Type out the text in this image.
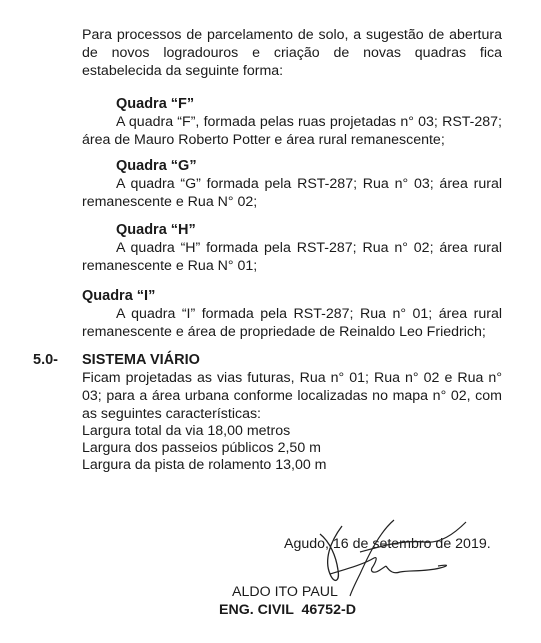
Para processos de parcelamento de solo, a sugestão de abertura
de novos logradouros e criação de novas quadras fica
estabelecida da seguinte forma:
Quadra “F”
A quadra “F”, formada pelas ruas projetadas n° 03; RST-287;
área de Mauro Roberto Potter e área rural remanescente;
Quadra “G”
A quadra “G” formada pela RST-287; Rua n° 03; área rural
remanescente e Rua N° 02;
Quadra “H”
A quadra “H” formada pela RST-287; Rua n° 02; área rural
remanescente e Rua N° 01;
Quadra “I”
A quadra “I” formada pela RST-287; Rua n° 01; área rural
remanescente e área de propriedade de Reinaldo Leo Friedrich;
5.0- SISTEMA VIÁRIO
Ficam projetadas as vias futuras, Rua n° 01; Rua n° 02 e Rua n°
03; para a área urbana conforme localizadas no mapa n° 02, com
as seguintes características:
Largura total da via 18,00 metros
Largura dos passeios públicos 2,50 m
Largura da pista de rolamento 13,00 m
Agudo, 16 de setembro de 2019.
ALDO ITO PAUL
ENG. CIVIL  46752-D
